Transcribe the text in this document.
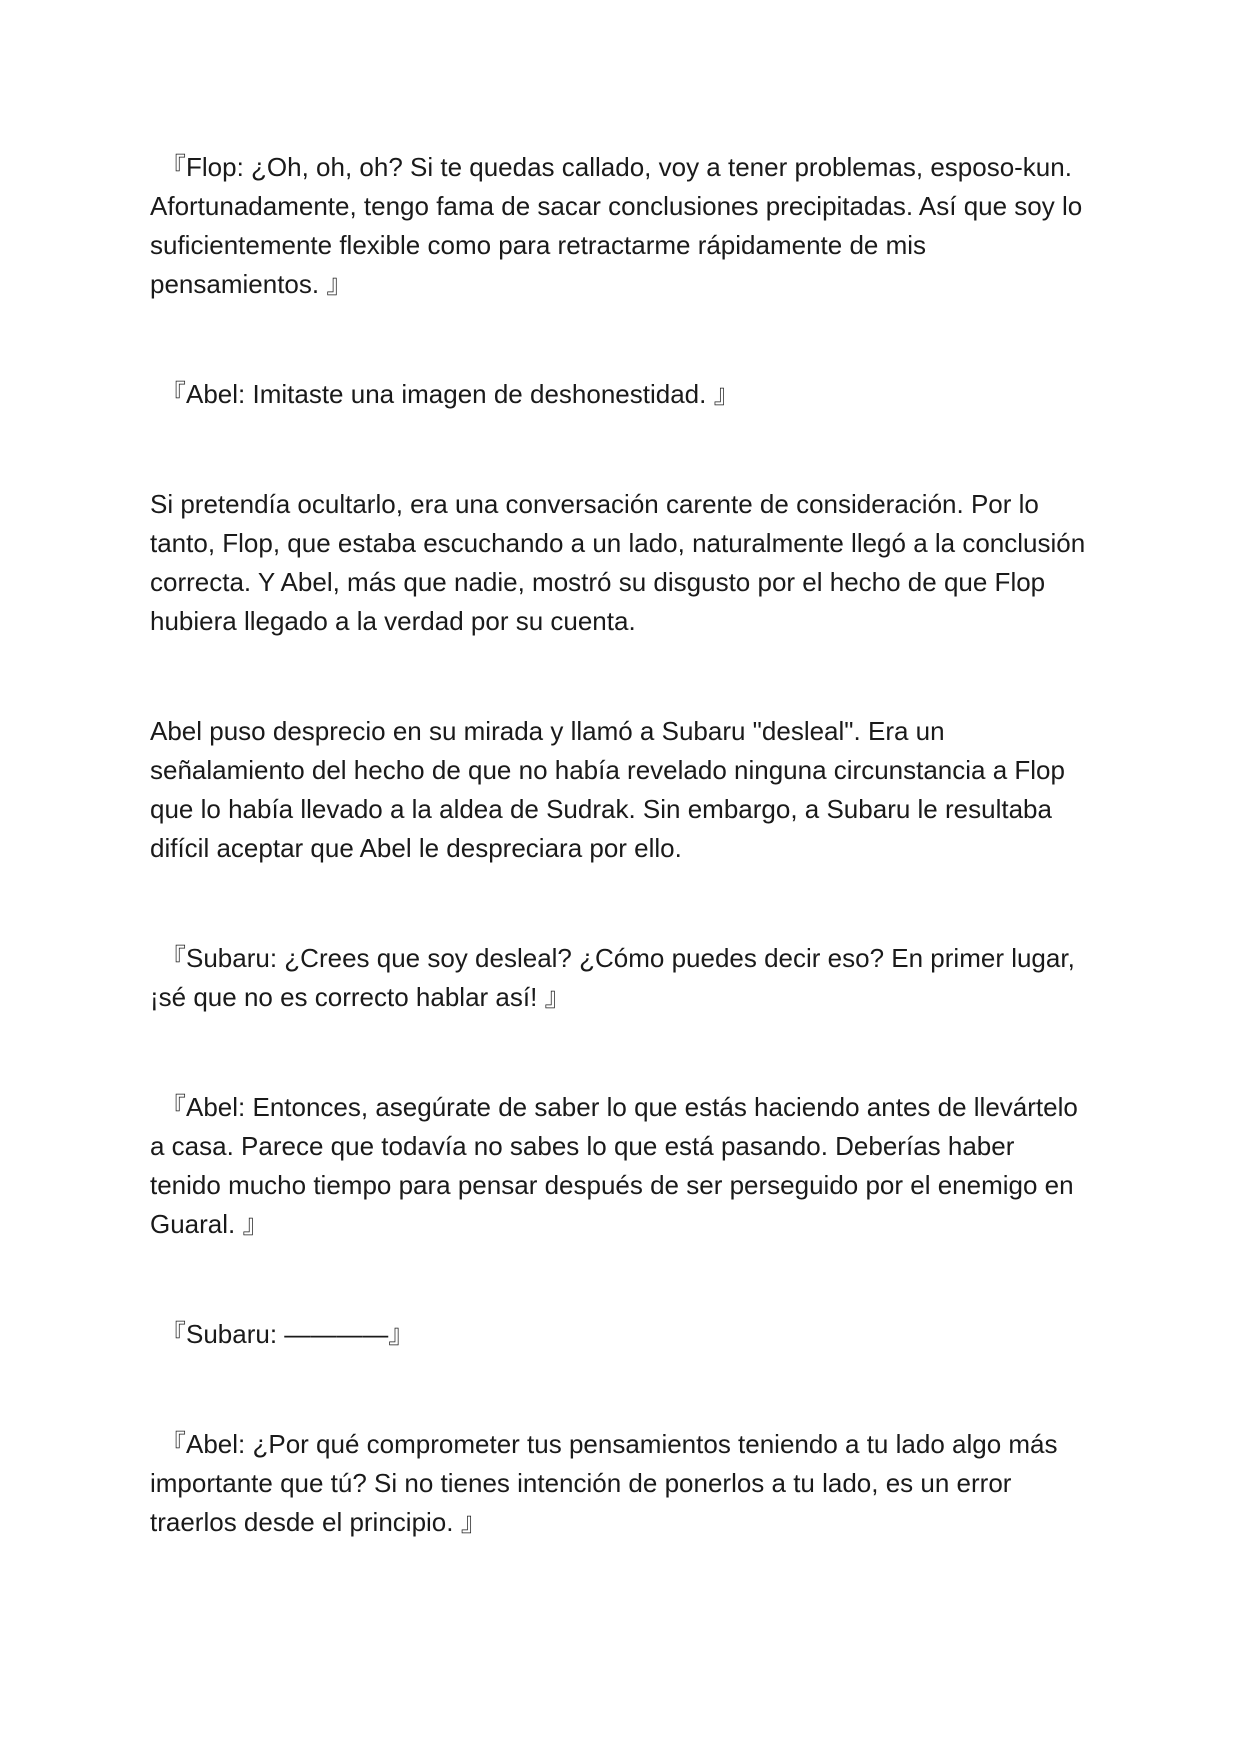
『Flop: ¿Oh, oh, oh? Si te quedas callado, voy a tener problemas, esposo-kun. Afortunadamente, tengo fama de sacar conclusiones precipitadas. Así que soy lo suficientemente flexible como para retractarme rápidamente de mis pensamientos. 』

『Abel: Imitaste una imagen de deshonestidad. 』

Si pretendía ocultarlo, era una conversación carente de consideración. Por lo tanto, Flop, que estaba escuchando a un lado, naturalmente llegó a la conclusión correcta. Y Abel, más que nadie, mostró su disgusto por el hecho de que Flop hubiera llegado a la verdad por su cuenta.

Abel puso desprecio en su mirada y llamó a Subaru "desleal". Era un señalamiento del hecho de que no había revelado ninguna circunstancia a Flop que lo había llevado a la aldea de Sudrak. Sin embargo, a Subaru le resultaba difícil aceptar que Abel le despreciara por ello.

『Subaru: ¿Crees que soy desleal? ¿Cómo puedes decir eso? En primer lugar, ¡sé que no es correcto hablar así! 』

『Abel: Entonces, asegúrate de saber lo que estás haciendo antes de llevártelo a casa. Parece que todavía no sabes lo que está pasando. Deberías haber tenido mucho tiempo para pensar después de ser perseguido por el enemigo en Guaral. 』

『Subaru: ————』

『Abel: ¿Por qué comprometer tus pensamientos teniendo a tu lado algo más importante que tú? Si no tienes intención de ponerlos a tu lado, es un error traerlos desde el principio. 』
